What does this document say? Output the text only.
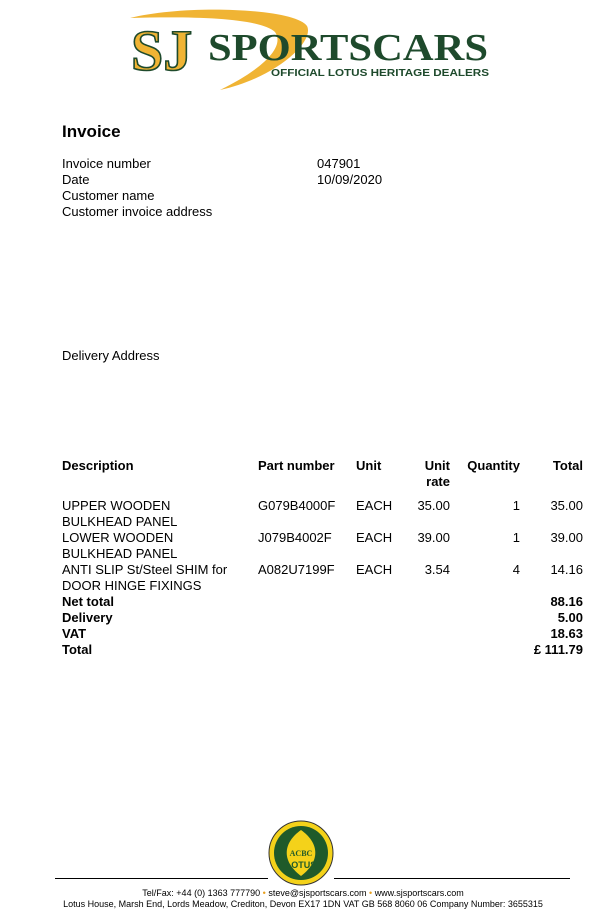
SJ SPORTSCARS
OFFICIAL LOTUS HERITAGE DEALERS
Invoice
Invoice number	047901
Date	10/09/2020
Customer name
Customer invoice address
Delivery Address
Description	Part number	Unit	Unit
rate	Quantity	Total

UPPER WOODEN	G079B4000F	EACH	35.00	1	35.00
BULKHEAD PANEL					
LOWER WOODEN	J079B4002F	EACH	39.00	1	39.00
BULKHEAD PANEL					
ANTI SLIP St/Steel SHIM for	A082U7199F	EACH	3.54	4	14.16
DOOR HINGE FIXINGS					
Net total					88.16
Delivery					5.00
VAT					18.63
Total					£ 111.79
ACBC
LOTUS
Tel/Fax: +44 (0) 1363 777790 • steve@sjsportscars.com • www.sjsportscars.com
Lotus House, Marsh End, Lords Meadow, Crediton, Devon EX17 1DN VAT GB 568 8060 06 Company Number: 3655315
